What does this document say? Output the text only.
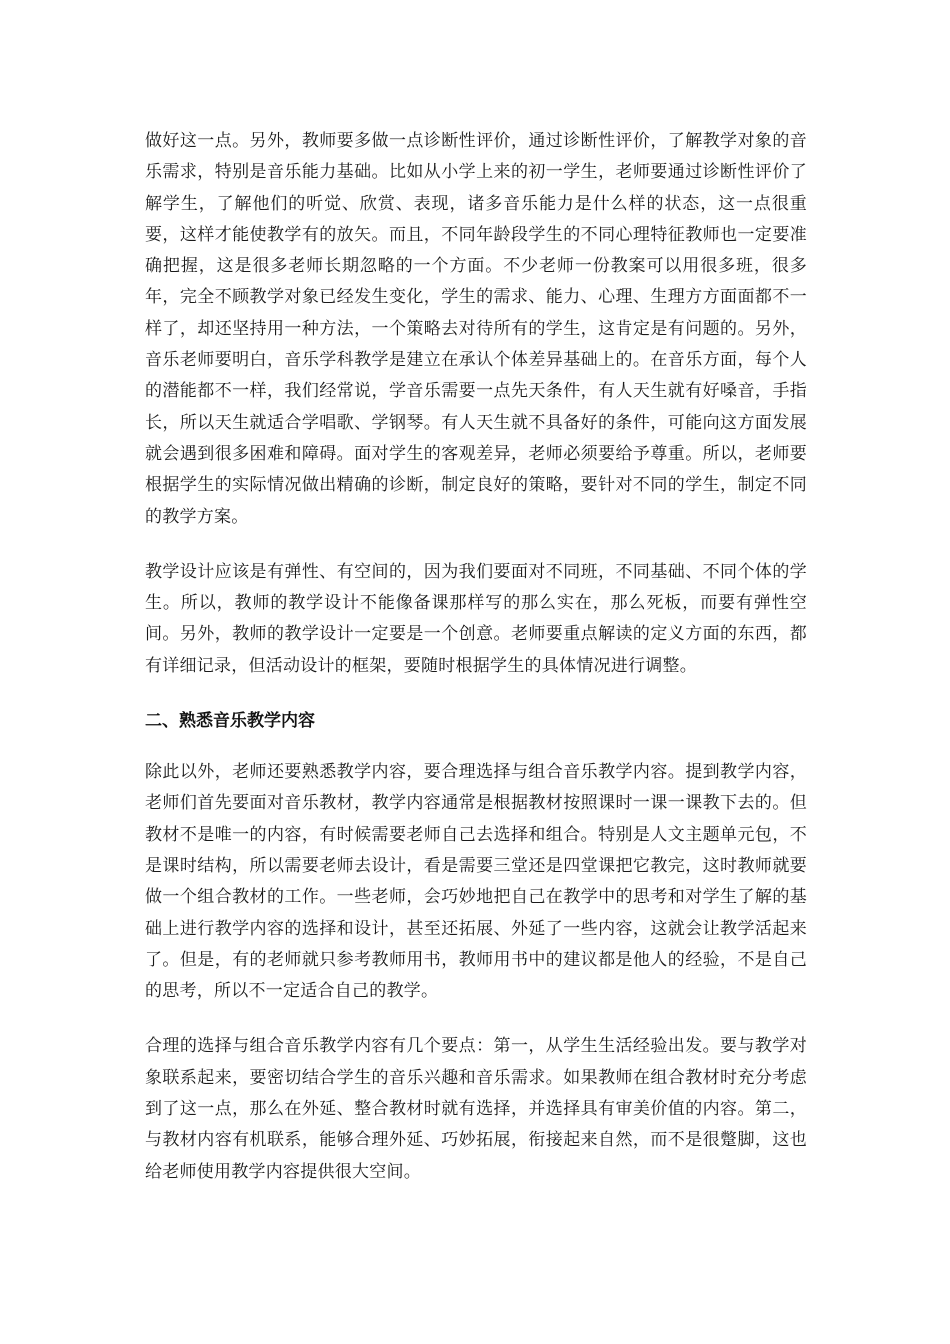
做好这一点。另外，教师要多做一点诊断性评价，通过诊断性评价，了解教学对象的音乐需求，特别是音乐能力基础。比如从小学上来的初一学生，老师要通过诊断性评价了解学生，了解他们的听觉、欣赏、表现，诸多音乐能力是什么样的状态，这一点很重要，这样才能使教学有的放矢。而且，不同年龄段学生的不同心理特征教师也一定要准确把握，这是很多老师长期忽略的一个方面。不少老师一份教案可以用很多班，很多年，完全不顾教学对象已经发生变化，学生的需求、能力、心理、生理方方面面都不一样了，却还坚持用一种方法，一个策略去对待所有的学生，这肯定是有问题的。另外，音乐老师要明白，音乐学科教学是建立在承认个体差异基础上的。在音乐方面，每个人的潜能都不一样，我们经常说，学音乐需要一点先天条件，有人天生就有好嗓音，手指长，所以天生就适合学唱歌、学钢琴。有人天生就不具备好的条件，可能向这方面发展就会遇到很多困难和障碍。面对学生的客观差异，老师必须要给予尊重。所以，老师要根据学生的实际情况做出精确的诊断，制定良好的策略，要针对不同的学生，制定不同的教学方案。

教学设计应该是有弹性、有空间的，因为我们要面对不同班，不同基础、不同个体的学生。所以，教师的教学设计不能像备课那样写的那么实在，那么死板，而要有弹性空间。另外，教师的教学设计一定要是一个创意。老师要重点解读的定义方面的东西，都有详细记录，但活动设计的框架，要随时根据学生的具体情况进行调整。

二、熟悉音乐教学内容

除此以外，老师还要熟悉教学内容，要合理选择与组合音乐教学内容。提到教学内容，老师们首先要面对音乐教材，教学内容通常是根据教材按照课时一课一课教下去的。但教材不是唯一的内容，有时候需要老师自己去选择和组合。特别是人文主题单元包，不是课时结构，所以需要老师去设计，看是需要三堂还是四堂课把它教完，这时教师就要做一个组合教材的工作。一些老师，会巧妙地把自己在教学中的思考和对学生了解的基础上进行教学内容的选择和设计，甚至还拓展、外延了一些内容，这就会让教学活起来了。但是，有的老师就只参考教师用书，教师用书中的建议都是他人的经验，不是自己的思考，所以不一定适合自己的教学。

合理的选择与组合音乐教学内容有几个要点：第一，从学生生活经验出发。要与教学对象联系起来，要密切结合学生的音乐兴趣和音乐需求。如果教师在组合教材时充分考虑到了这一点，那么在外延、整合教材时就有选择，并选择具有审美价值的内容。第二，与教材内容有机联系，能够合理外延、巧妙拓展，衔接起来自然，而不是很蹩脚，这也给老师使用教学内容提供很大空间。
